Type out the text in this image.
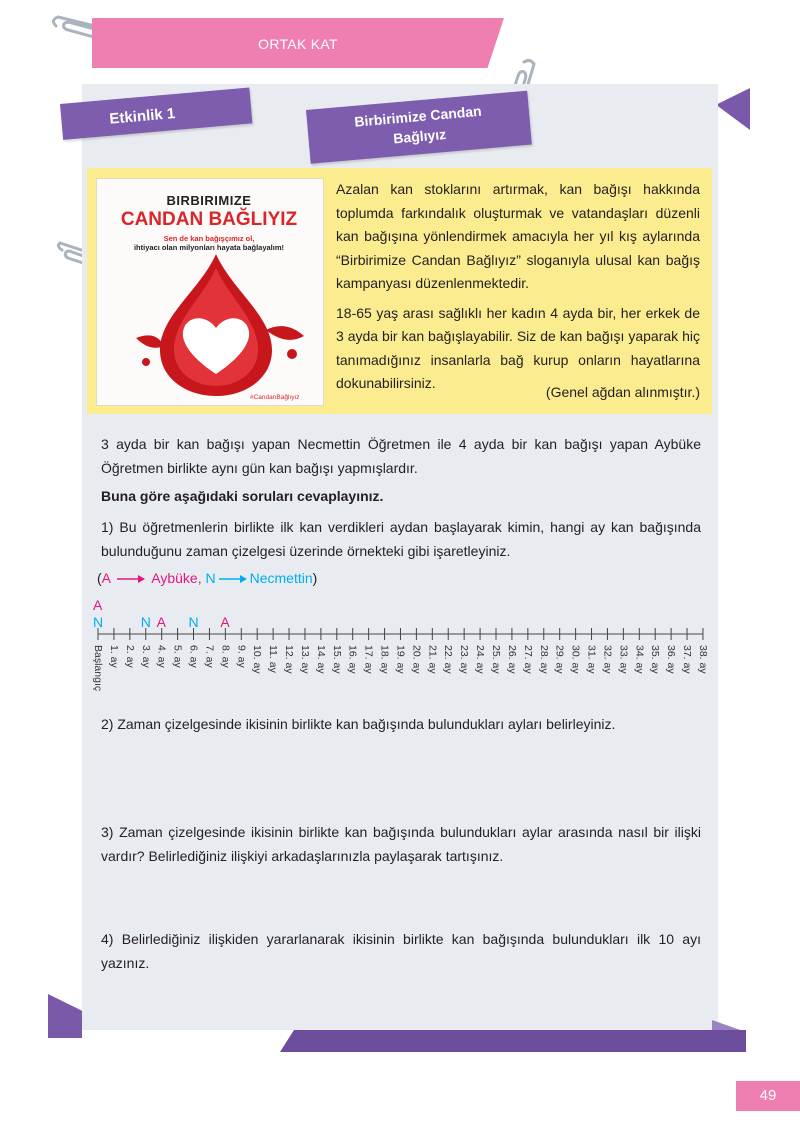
ORTAK KAT
Etkinlik 1	Birbirimize Candan
Bağlıyız
BIRBIRIMIZE
CANDAN BAĞLIYIZ
Sen de kan bağışçımız ol,
ihtiyacı olan milyonları hayata bağlayalım!
#CandanBağlıyız

Azalan kan stoklarını artırmak, kan bağışı hakkında toplumda farkındalık oluşturmak ve vatandaşları düzenli kan bağışına yönlendirmek amacıyla her yıl kış aylarında “Birbirimize Candan Bağlıyız” sloganıyla ulusal kan bağış kampanyası düzenlenmektedir.

18-65 yaş arası sağlıklı her kadın 4 ayda bir, her erkek de 3 ayda bir kan bağışlayabilir. Siz de kan bağışı yaparak hiç tanımadığınız insanlarla bağ kurup onların hayatlarına dokunabilirsiniz.

(Genel ağdan alınmıştır.)
3 ayda bir kan bağışı yapan Necmettin Öğretmen ile 4 ayda bir kan bağışı yapan Aybüke Öğretmen birlikte aynı gün kan bağışı yapmışlardır.
Buna göre aşağıdaki soruları cevaplayınız.
1) Bu öğretmenlerin birlikte ilk kan verdikleri aydan başlayarak kimin, hangi ay kan bağışında bulunduğunu zaman çizelgesi üzerinde örnekteki gibi işaretleyiniz.
(A	Aybüke, N Necmettin)
A
N	N A N A
Başlangıç 1. ay 2. ay 3. ay 4. ay 5. ay 6. ay 7. ay 8. ay 9. ay 10. ay 11. ay 12. ay 13. ay 14. ay 15. ay 16. ay 17. ay 18. ay 19. ay 20. ay 21. ay 22. ay 23. ay 24. ay 25. ay 26. ay 27. ay 28. ay 29. ay 30. ay 31. ay 32. ay 33. ay 34. ay 35. ay 36. ay 37. ay 38. ay
2) Zaman çizelgesinde ikisinin birlikte kan bağışında bulundukları ayları belirleyiniz.
3) Zaman çizelgesinde ikisinin birlikte kan bağışında bulundukları aylar arasında nasıl bir ilişki vardır? Belirlediğiniz ilişkiyi arkadaşlarınızla paylaşarak tartışınız.
4) Belirlediğiniz ilişkiden yararlanarak ikisinin birlikte kan bağışında bulundukları ilk 10 ayı yazınız.
49
